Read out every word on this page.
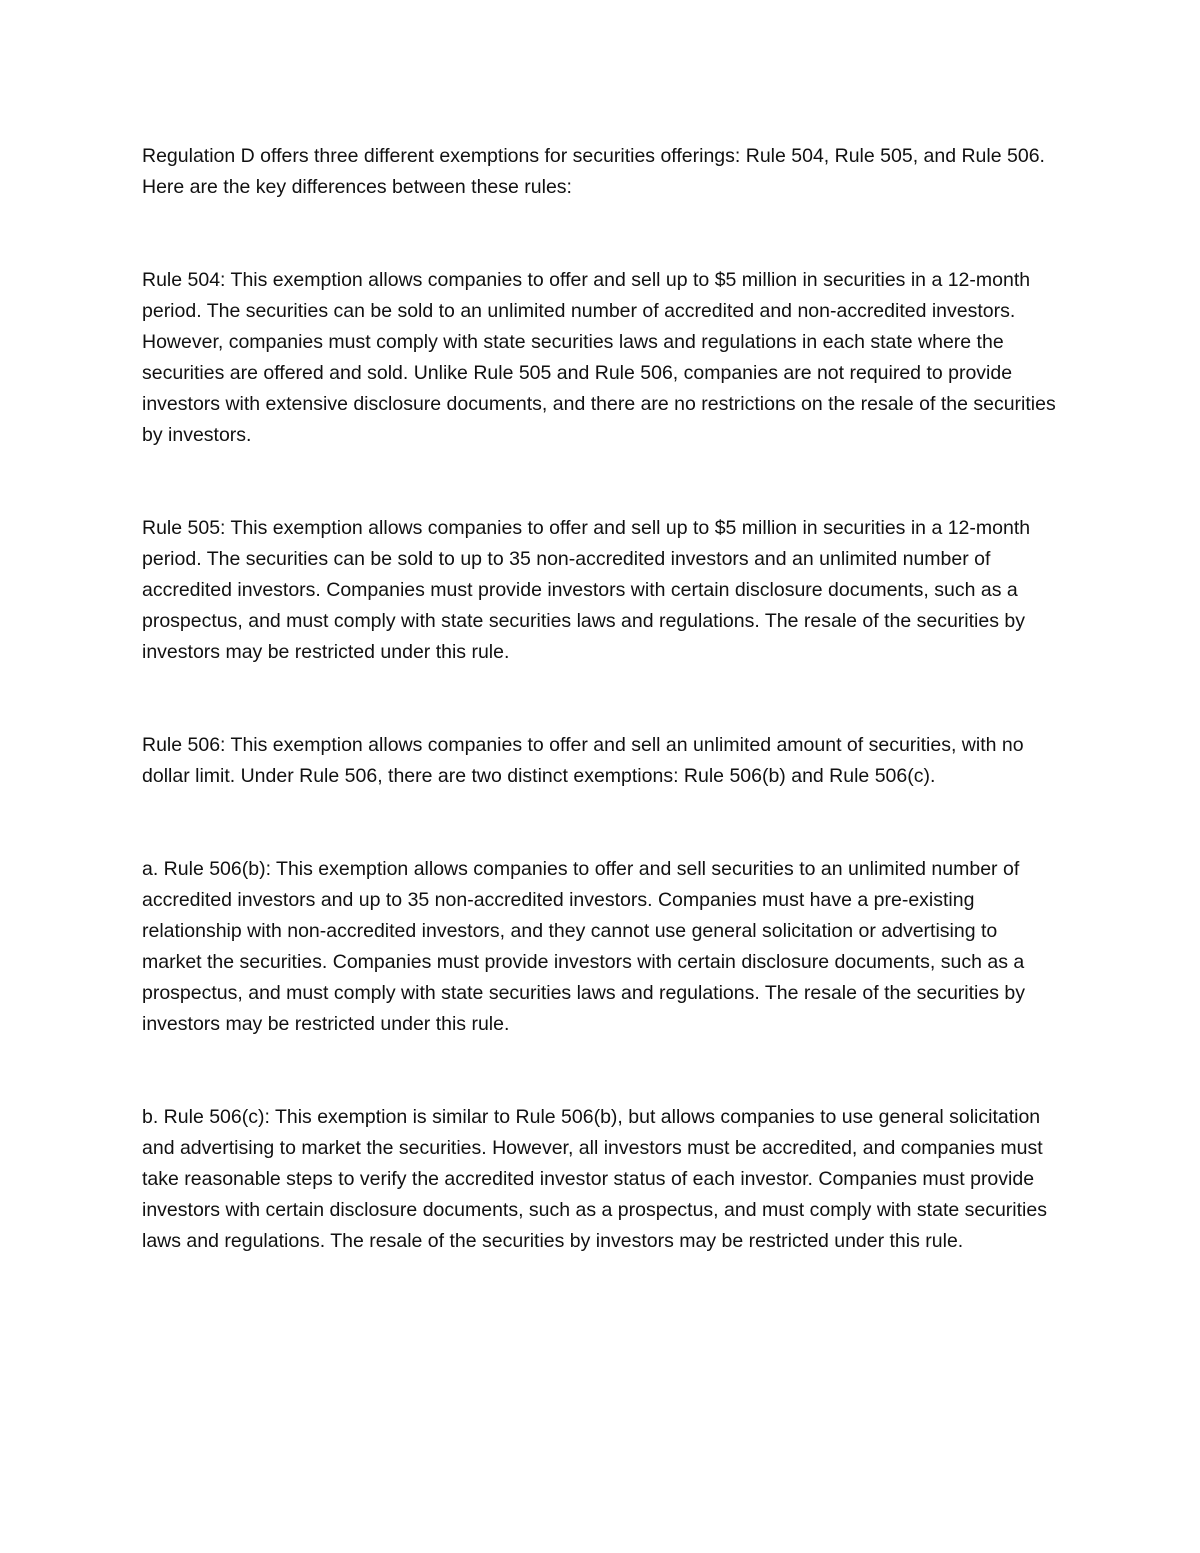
Regulation D offers three different exemptions for securities offerings: Rule 504, Rule 505, and Rule 506. Here are the key differences between these rules:

Rule 504: This exemption allows companies to offer and sell up to $5 million in securities in a 12-month period. The securities can be sold to an unlimited number of accredited and non-accredited investors. However, companies must comply with state securities laws and regulations in each state where the securities are offered and sold. Unlike Rule 505 and Rule 506, companies are not required to provide investors with extensive disclosure documents, and there are no restrictions on the resale of the securities by investors.

Rule 505: This exemption allows companies to offer and sell up to $5 million in securities in a 12-month period. The securities can be sold to up to 35 non-accredited investors and an unlimited number of accredited investors. Companies must provide investors with certain disclosure documents, such as a prospectus, and must comply with state securities laws and regulations. The resale of the securities by investors may be restricted under this rule.

Rule 506: This exemption allows companies to offer and sell an unlimited amount of securities, with no dollar limit. Under Rule 506, there are two distinct exemptions: Rule 506(b) and Rule 506(c).

a. Rule 506(b): This exemption allows companies to offer and sell securities to an unlimited number of accredited investors and up to 35 non-accredited investors. Companies must have a pre-existing relationship with non-accredited investors, and they cannot use general solicitation or advertising to market the securities. Companies must provide investors with certain disclosure documents, such as a prospectus, and must comply with state securities laws and regulations. The resale of the securities by investors may be restricted under this rule.

b. Rule 506(c): This exemption is similar to Rule 506(b), but allows companies to use general solicitation and advertising to market the securities. However, all investors must be accredited, and companies must take reasonable steps to verify the accredited investor status of each investor. Companies must provide investors with certain disclosure documents, such as a prospectus, and must comply with state securities laws and regulations. The resale of the securities by investors may be restricted under this rule.
